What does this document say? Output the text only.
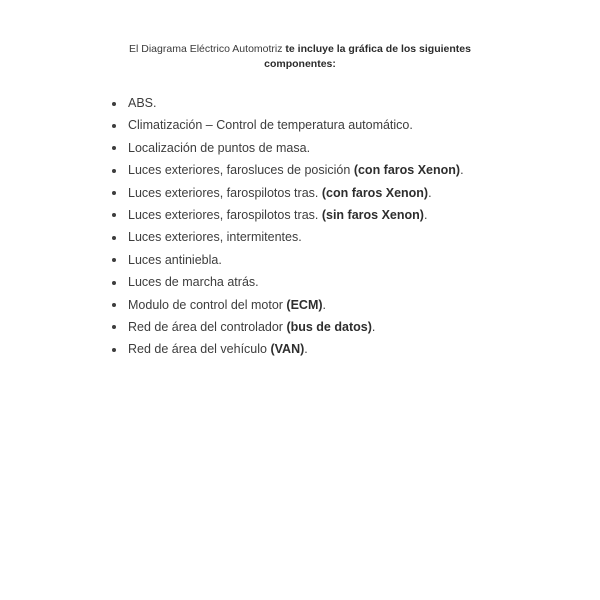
El Diagrama Eléctrico Automotriz te incluye la gráfica de los siguientes
componentes:
ABS.
Climatización – Control de temperatura automático.
Localización de puntos de masa.
Luces exteriores, farosluces de posición (con faros Xenon).
Luces exteriores, farospilotos tras. (con faros Xenon).
Luces exteriores, farospilotos tras. (sin faros Xenon).
Luces exteriores, intermitentes.
Luces antiniebla.
Luces de marcha atrás.
Modulo de control del motor (ECM).
Red de área del controlador (bus de datos).
Red de área del vehículo (VAN).
